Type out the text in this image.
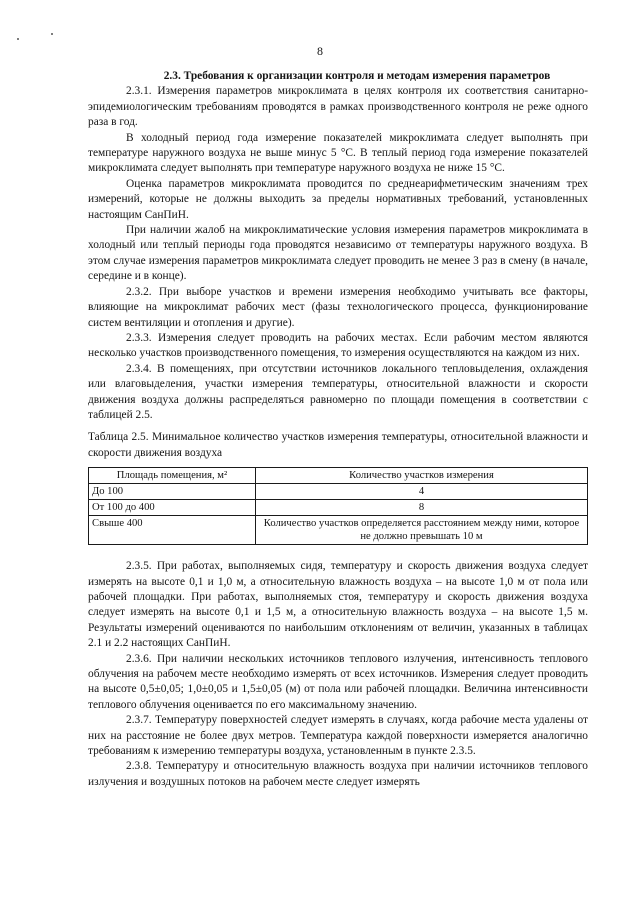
8

2.3. Требования к организации контроля и методам измерения параметров

2.3.1. Измерения параметров микроклимата в целях контроля их соответствия санитарно-эпидемиологическим требованиям проводятся в рамках производственного контроля не реже одного раза в год.

В холодный период года измерение показателей микроклимата следует выполнять при температуре наружного воздуха не выше минус 5 °С. В теплый период года измерение показателей микроклимата следует выполнять при температуре наружного воздуха не ниже 15 °С.

Оценка параметров микроклимата проводится по среднеарифметическим значениям трех измерений, которые не должны выходить за пределы нормативных требований, установленных настоящим СанПиН.

При наличии жалоб на микроклиматические условия измерения параметров микроклимата в холодный или теплый периоды года проводятся независимо от температуры наружного воздуха. В этом случае измерения параметров микроклимата следует проводить не менее 3 раз в смену (в начале, середине и в конце).

2.3.2. При выборе участков и времени измерения необходимо учитывать все факторы, влияющие на микроклимат рабочих мест (фазы технологического процесса, функционирование систем вентиляции и отопления и другие).

2.3.3. Измерения следует проводить на рабочих местах. Если рабочим местом являются несколько участков производственного помещения, то измерения осуществляются на каждом из них.

2.3.4. В помещениях, при отсутствии источников локального тепловыделения, охлаждения или влаговыделения, участки измерения температуры, относительной влажности и скорости движения воздуха должны распределяться равномерно по площади помещения в соответствии с таблицей 2.5.

Таблица 2.5. Минимальное количество участков измерения температуры, относительной влажности и скорости движения воздуха

Площадь помещения, м²	Количество участков измерения
До 100	4
От 100 до 400	8
Свыше 400	Количество участков определяется расстоянием между ними, которое не должно превышать 10 м

2.3.5. При работах, выполняемых сидя, температуру и скорость движения воздуха следует измерять на высоте 0,1 и 1,0 м, а относительную влажность воздуха – на высоте 1,0 м от пола или рабочей площадки. При работах, выполняемых стоя, температуру и скорость движения воздуха следует измерять на высоте 0,1 и 1,5 м, а относительную влажность воздуха – на высоте 1,5 м. Результаты измерений оцениваются по наибольшим отклонениям от величин, указанных в таблицах 2.1 и 2.2 настоящих СанПиН.

2.3.6. При наличии нескольких источников теплового излучения, интенсивность теплового облучения на рабочем месте необходимо измерять от всех источников. Измерения следует проводить на высоте 0,5±0,05; 1,0±0,05 и 1,5±0,05 (м) от пола или рабочей площадки. Величина интенсивности теплового облучения оценивается по его максимальному значению.

2.3.7. Температуру поверхностей следует измерять в случаях, когда рабочие места удалены от них на расстояние не более двух метров. Температура каждой поверхности измеряется аналогично требованиям к измерению температуры воздуха, установленным в пункте 2.3.5.

2.3.8. Температуру и относительную влажность воздуха при наличии источников теплового излучения и воздушных потоков на рабочем месте следует измерять
